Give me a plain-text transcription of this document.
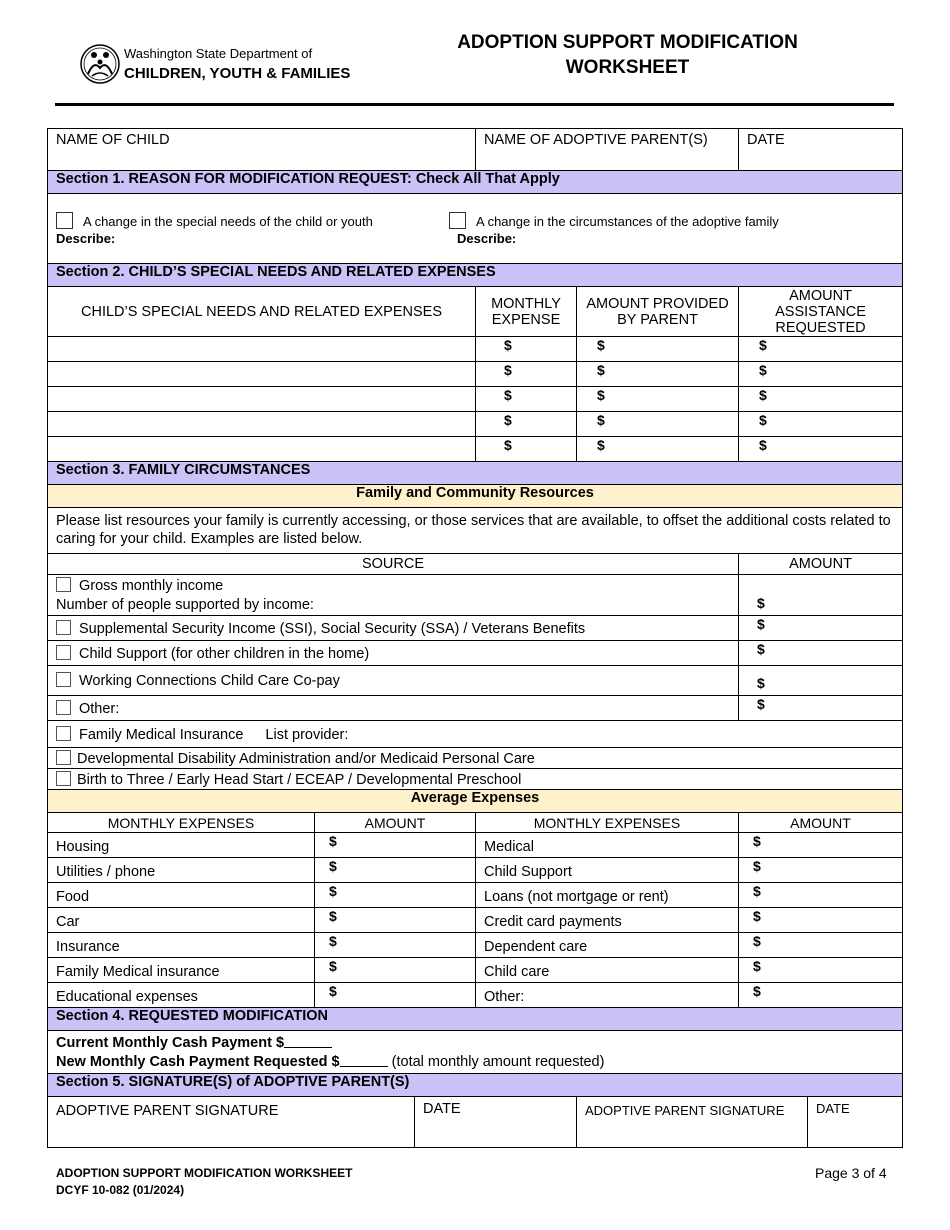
Washington State Department of
CHILDREN, YOUTH & FAMILIES
ADOPTION SUPPORT MODIFICATION
WORKSHEET
NAME OF CHILD			NAME OF ADOPTIVE PARENT(S)		DATE
Section 1. REASON FOR MODIFICATION REQUEST: Check All That Apply					

A change in the special needs of the child or youth
Describe:
A change in the circumstances of the adoptive family
Describe:					

Section 2. CHILD’S SPECIAL NEEDS AND RELATED EXPENSES					
CHILD’S SPECIAL NEEDS AND RELATED EXPENSES			MONTHLY EXPENSE	AMOUNT PROVIDED BY PARENT	AMOUNT ASSISTANCE REQUESTED
			$	$	$
			$	$	$
			$	$	$
			$	$	$
			$	$	$
Section 3. FAMILY CIRCUMSTANCES					
Family and Community Resources					
Please list resources your family is currently accessing, or those services that are available, to offset the additional costs related to caring for your child. Examples are listed below.					
SOURCE					AMOUNT
Gross monthly income
Number of people supported by income:					$
Supplemental Security Income (SSI), Social Security (SSA) / Veterans Benefits					$
Child Support (for other children in the home)					$
Working Connections Child Care Co-pay					$
Other:					$
Family Medical Insurance List provider:					
Developmental Disability Administration and/or Medicaid Personal Care					
Birth to Three / Early Head Start / ECEAP / Developmental Preschool					
Average Expenses					
MONTHLY EXPENSES	AMOUNT		MONTHLY EXPENSES		AMOUNT
Housing	$		Medical		$
Utilities / phone	$		Child Support		$
Food	$		Loans (not mortgage or rent)		$
Car	$		Credit card payments		$
Insurance	$		Dependent care		$
Family Medical insurance	$		Child care		$
Educational expenses	$		Other:		$
Section 4. REQUESTED MODIFICATION					

Current Monthly Cash Payment $
New Monthly Cash Payment Requested $ (total monthly amount requested)					

Section 5. SIGNATURE(S) of ADOPTIVE PARENT(S)					
ADOPTIVE PARENT SIGNATURE		DATE		ADOPTIVE PARENT SIGNATURE DATE	
ADOPTION SUPPORT MODIFICATION WORKSHEET
DCYF 10-082 (01/2024)
Page 3 of 4
